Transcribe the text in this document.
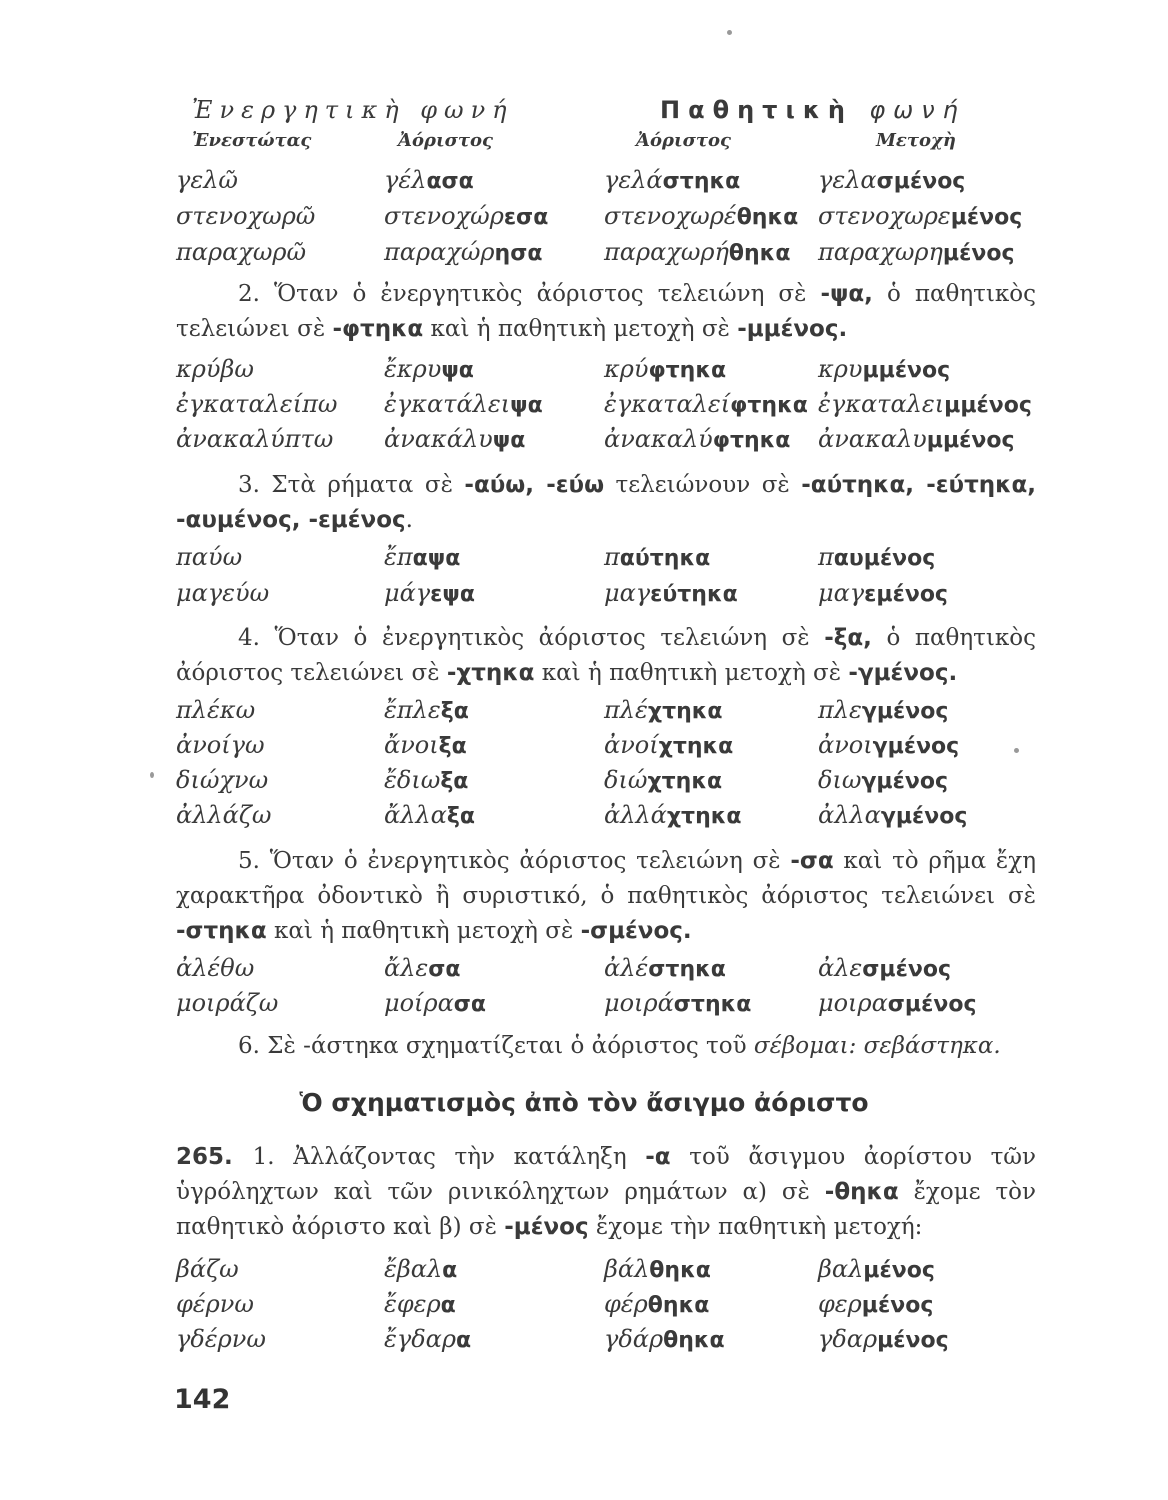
Ἐνεργητικὴ φωνή	Παθητικὴ φωνή
Ἐνεστώτας	Ἀόριστος	Ἀόριστος	Μετοχὴ
γελῶ	γέλασα	γελάστηκα	γελασμένος
στενοχωρῶ	στενοχώρεσα στενοχωρέθηκα στενοχωρεμένος
παραχωρῶ	παραχώρησα	παραχωρήθηκα παραχωρημένος
2. Ὅταν ὁ ἐνεργητικὸς ἀόριστος τελειώνη σὲ -ψα, ὁ παθητικὸς τελειώνει σὲ -φτηκα καὶ ἡ παθητικὴ μετοχὴ σὲ -μμένος.
κρύβω	ἔκρυψα	κρύφτηκα	κρυμμένος
ἐγκαταλείπω ἐγκατάλειψα	ἐγκαταλείφτηκα ἐγκαταλειμμένος
ἀνακαλύπτω ἀνακάλυψα	ἀνακαλύφτηκα ἀνακαλυμμένος
3. Στὰ ρήματα σὲ -αύω, -εύω τελειώνουν σὲ -αύτηκα, -εύτηκα, -αυμένος, -εμένος.
παύω	ἔπαψα	παύτηκα	παυμένος
μαγεύω	μάγεψα	μαγεύτηκα	μαγεμένος
4. Ὅταν ὁ ἐνεργητικὸς ἀόριστος τελειώνη σὲ -ξα, ὁ παθητικὸς ἀόριστος τελειώνει σὲ -χτηκα καὶ ἡ παθητικὴ μετοχὴ σὲ -γμένος.
πλέκω	ἔπλεξα	πλέχτηκα	πλεγμένος
ἀνοίγω	ἄνοιξα	ἀνοίχτηκα	ἀνοιγμένος
διώχνω	ἔδιωξα	διώχτηκα	διωγμένος
ἀλλάζω	ἄλλαξα	ἀλλάχτηκα	ἀλλαγμένος
5. Ὅταν ὁ ἐνεργητικὸς ἀόριστος τελειώνη σὲ -σα καὶ τὸ ρῆμα ἔχη χαρακτῆρα ὀδοντικὸ ἢ συριστικό, ὁ παθητικὸς ἀόριστος τελειώνει σὲ -στηκα καὶ ἡ παθητικὴ μετοχὴ σὲ -σμένος.
ἀλέθω	ἄλεσα	ἀλέστηκα	ἀλεσμένος
μοιράζω	μοίρασα	μοιράστηκα	μοιρασμένος
6. Σὲ -άστηκα σχηματίζεται ὁ ἀόριστος τοῦ σέβομαι: σεβάστηκα.
Ὁ σχηματισμὸς ἀπὸ τὸν ἄσιγμο ἀόριστο
265. 1. Ἀλλάζοντας τὴν κατάληξη -α τοῦ ἄσιγμου ἀορίστου τῶν ὑγρόληχτων καὶ τῶν ρινικόληχτων ρημάτων α) σὲ -θηκα ἔχομε τὸν παθητικὸ ἀόριστο καὶ β) σὲ -μένος ἔχομε τὴν παθητικὴ μετοχή:
βάζω	ἔβαλα	βάλθηκα	βαλμένος
φέρνω	ἔφερα	φέρθηκα	φερμένος
γδέρνω	ἔγδαρα	γδάρθηκα	γδαρμένος
142
